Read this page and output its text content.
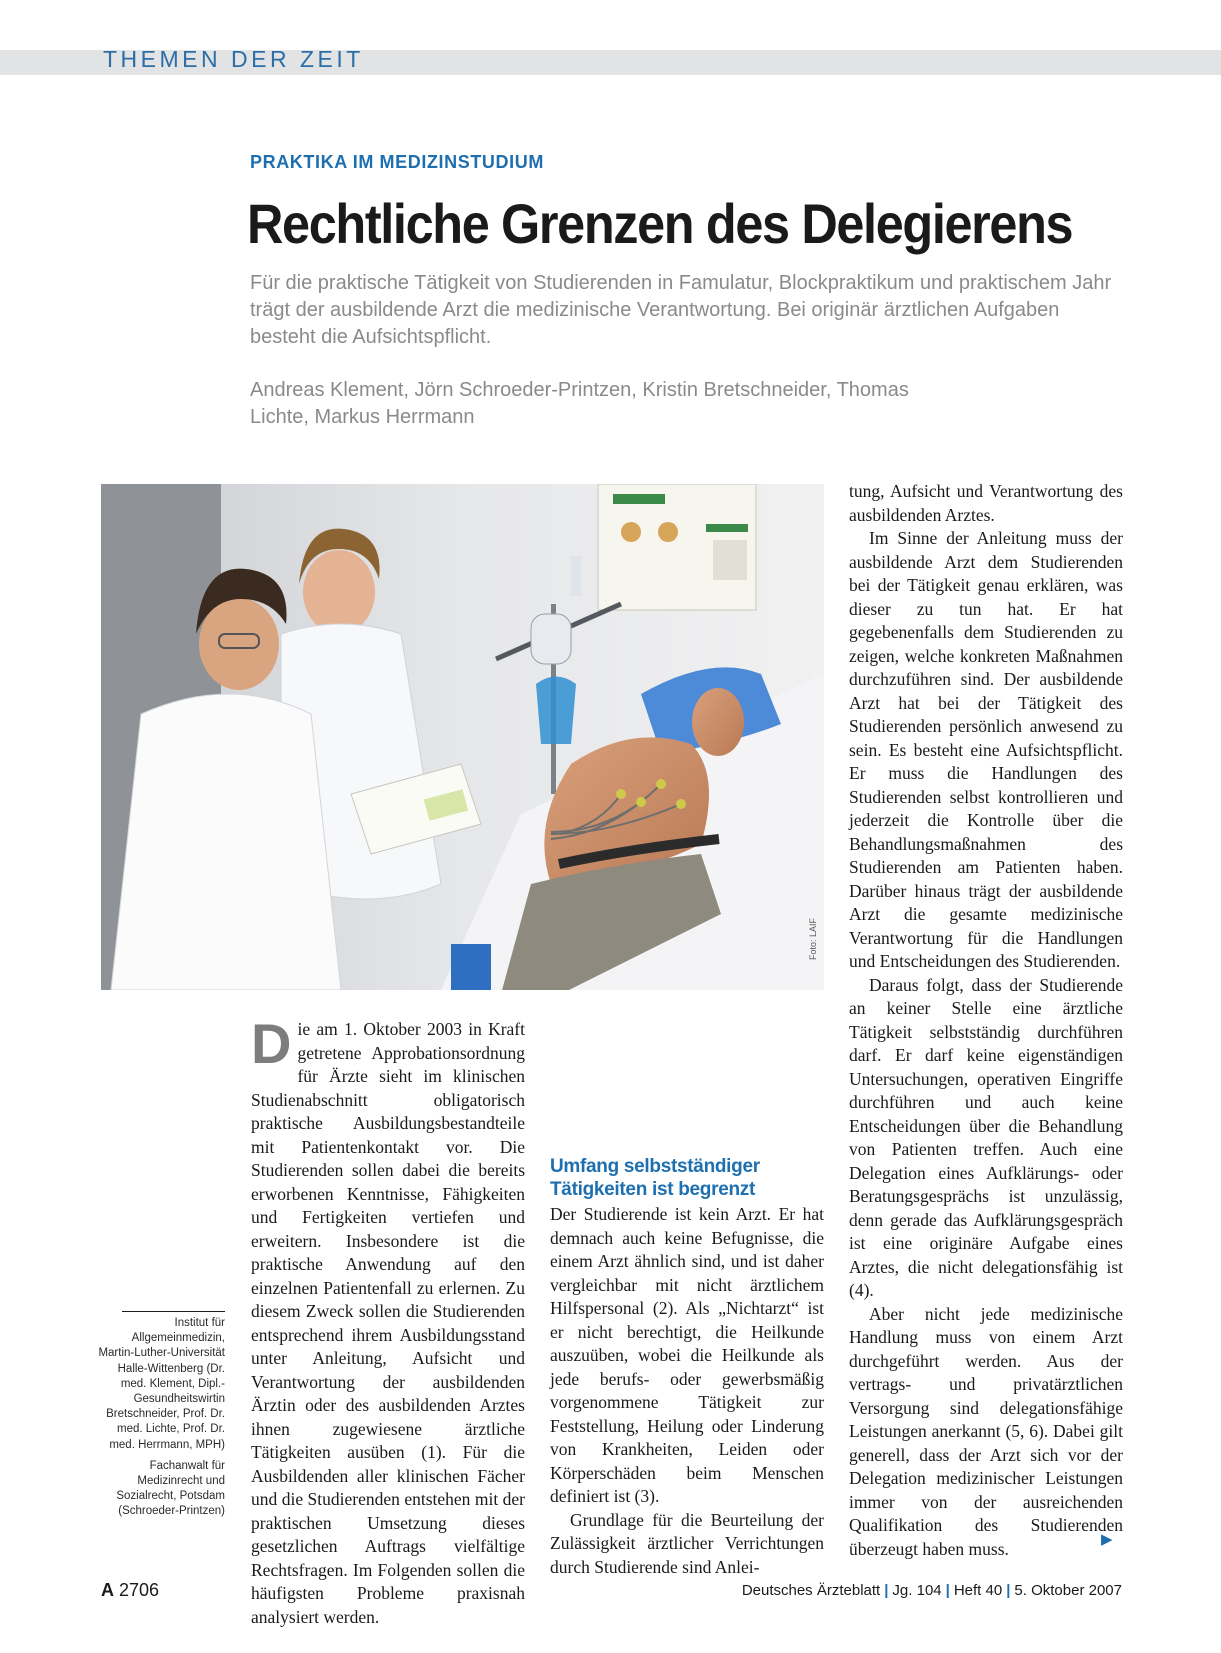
THEMEN DER ZEIT
PRAKTIKA IM MEDIZINSTUDIUM
Rechtliche Grenzen des Delegierens

Für die praktische Tätigkeit von Studierenden in Famulatur, Blockpraktikum und praktischem Jahr trägt der ausbildende Arzt die medizinische Verantwortung. Bei originär ärztlichen Aufgaben besteht die Aufsichtspflicht.

Andreas Klement, Jörn Schroeder-Printzen, Kristin Bretschneider, Thomas Lichte, Markus Herrmann

Foto: LAIF

Die am 1. Oktober 2003 in Kraft getretene Approbationsordnung für Ärzte sieht im klinischen Studienabschnitt obligatorisch praktische Ausbildungsbestandteile mit Patientenkontakt vor. Die Studierenden sollen dabei die bereits erworbenen Kenntnisse, Fähigkeiten und Fertigkeiten vertiefen und erweitern. Insbesondere ist die praktische Anwendung auf den einzelnen Patientenfall zu erlernen. Zu diesem Zweck sollen die Studierenden entsprechend ihrem Ausbildungsstand unter Anleitung, Aufsicht und Verantwortung der ausbildenden Ärztin oder des ausbildenden Arztes ihnen zugewiesene ärztliche Tätigkeiten ausüben (1). Für die Ausbildenden aller klinischen Fächer und die Studierenden entstehen mit der praktischen Umsetzung dieses gesetzlichen Auftrags vielfältige Rechtsfragen. Im Folgenden sollen die häufigsten Probleme praxisnah analysiert werden.

Umfang selbstständiger Tätigkeiten ist begrenzt

Der Studierende ist kein Arzt. Er hat demnach auch keine Befugnisse, die einem Arzt ähnlich sind, und ist daher vergleichbar mit nicht ärztlichem Hilfspersonal (2). Als „Nichtarzt“ ist er nicht berechtigt, die Heilkunde auszuüben, wobei die Heilkunde als jede berufs- oder gewerbsmäßig vorgenommene Tätigkeit zur Feststellung, Heilung oder Linderung von Krankheiten, Leiden oder Körperschäden beim Menschen definiert ist (3).

Grundlage für die Beurteilung der Zulässigkeit ärztlicher Verrichtungen durch Studierende sind Anlei-

tung, Aufsicht und Verantwortung des ausbildenden Arztes.

Im Sinne der Anleitung muss der ausbildende Arzt dem Studierenden bei der Tätigkeit genau erklären, was dieser zu tun hat. Er hat gegebenenfalls dem Studierenden zu zeigen, welche konkreten Maßnahmen durchzuführen sind. Der ausbildende Arzt hat bei der Tätigkeit des Studierenden persönlich anwesend zu sein. Es besteht eine Aufsichtspflicht. Er muss die Handlungen des Studierenden selbst kontrollieren und jederzeit die Kontrolle über die Behandlungsmaßnahmen des Studierenden am Patienten haben. Darüber hinaus trägt der ausbildende Arzt die gesamte medizinische Verantwortung für die Handlungen und Entscheidungen des Studierenden.

Daraus folgt, dass der Studierende an keiner Stelle eine ärztliche Tätigkeit selbstständig durchführen darf. Er darf keine eigenständigen Untersuchungen, operativen Eingriffe durchführen und auch keine Entscheidungen über die Behandlung von Patienten treffen. Auch eine Delegation eines Aufklärungs- oder Beratungsgesprächs ist unzulässig, denn gerade das Aufklärungsgespräch ist eine originäre Aufgabe eines Arztes, die nicht delegationsfähig ist (4).

Aber nicht jede medizinische Handlung muss von einem Arzt durchgeführt werden. Aus der vertrags- und privatärztlichen Versorgung sind delegationsfähige Leistungen anerkannt (5, 6). Dabei gilt generell, dass der Arzt sich vor der Delegation medizinischer Leistungen immer von der ausreichenden Qualifikation des Studierenden überzeugt haben muss.	▶

Institut für Allgemeinmedizin, Martin-Luther-Universität Halle-Wittenberg (Dr. med. Klement, Dipl.-Gesundheitswirtin Bretschneider, Prof. Dr. med. Lichte, Prof. Dr. med. Herrmann, MPH)

Fachanwalt für Medizinrecht und Sozialrecht, Potsdam (Schroeder-Printzen)

A 2706	Deutsches Ärzteblatt | Jg. 104 | Heft 40 | 5. Oktober 2007
